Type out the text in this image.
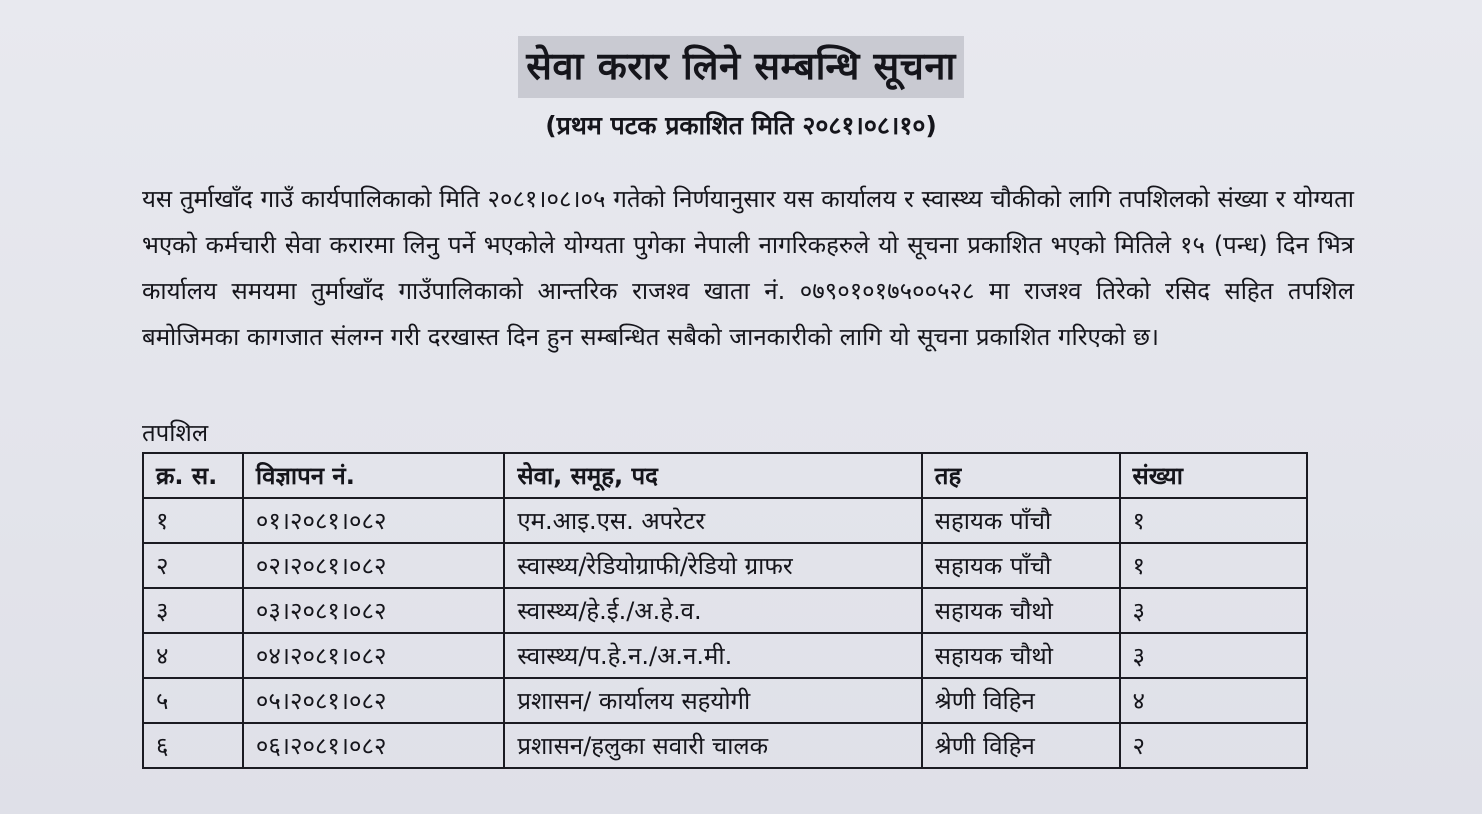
सेवा करार लिने सम्बन्धि सूचना
(प्रथम पटक प्रकाशित मिति २०८१।०८।१०)
यस तुर्माखाँद गाउँ कार्यपालिकाको मिति २०८१।०८।०५ गतेको निर्णयानुसार यस कार्यालय र स्वास्थ्य चौकीको लागि तपशिलको संख्या र योग्यता भएको कर्मचारी सेवा करारमा लिनु पर्ने भएकोले योग्यता पुगेका नेपाली नागरिकहरुले यो सूचना प्रकाशित भएको मितिले १५ (पन्ध) दिन भित्र कार्यालय समयमा तुर्माखाँद गाउँपालिकाको आन्तरिक राजश्व खाता नं. ०७९०१०१७५००५२८ मा राजश्व तिरेको रसिद सहित तपशिल बमोजिमका कागजात संलग्न गरी दरखास्त दिन हुन सम्बन्धित सबैको जानकारीको लागि यो सूचना प्रकाशित गरिएको छ।
तपशिल
क्र. स.	विज्ञापन नं.	सेवा, समूह, पद	तह	संख्या
१	०१।२०८१।०८२	एम.आइ.एस. अपरेटर	सहायक पाँचौ	१
२	०२।२०८१।०८२	स्वास्थ्य/रेडियोग्राफी/रेडियो ग्राफर	सहायक पाँचौ	१
३	०३।२०८१।०८२	स्वास्थ्य/हे.ई./अ.हे.व.	सहायक चौथो	३
४	०४।२०८१।०८२	स्वास्थ्य/प.हे.न./अ.न.मी.	सहायक चौथो	३
५	०५।२०८१।०८२	प्रशासन/ कार्यालय सहयोगी	श्रेणी विहिन	४
६	०६।२०८१।०८२	प्रशासन/हलुका सवारी चालक	श्रेणी विहिन	२
